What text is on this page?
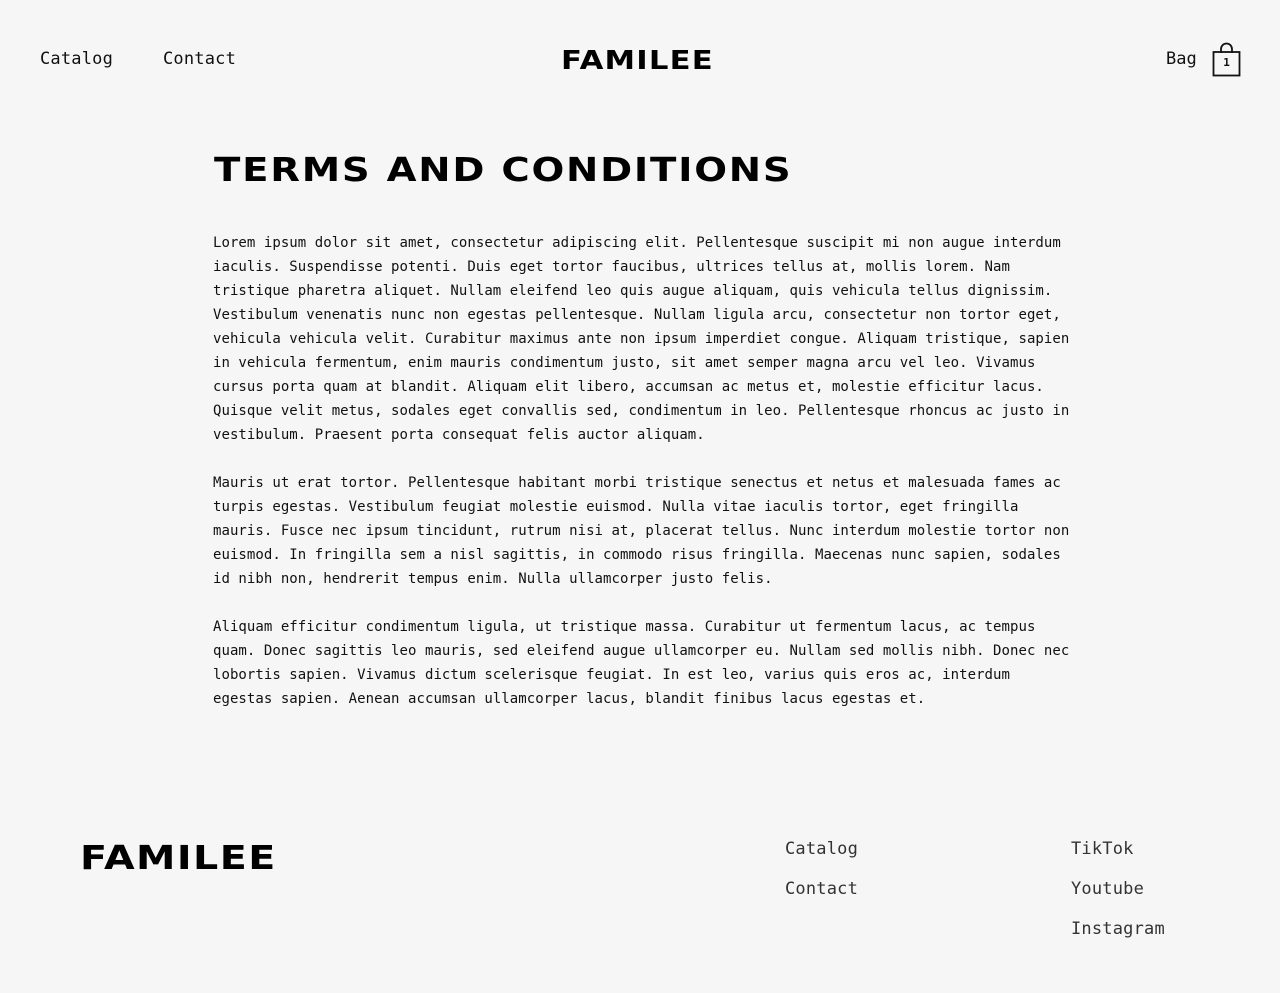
Catalog	Contact	FAMILEE	Bag	1
TERMS AND CONDITIONS

Lorem ipsum dolor sit amet, consectetur adipiscing elit. Pellentesque suscipit mi non augue interdum iaculis. Suspendisse potenti. Duis eget tortor faucibus, ultrices tellus at, mollis lorem. Nam tristique pharetra aliquet. Nullam eleifend leo quis augue aliquam, quis vehicula tellus dignissim. Vestibulum venenatis nunc non egestas pellentesque. Nullam ligula arcu, consectetur non tortor eget, vehicula vehicula velit. Curabitur maximus ante non ipsum imperdiet congue. Aliquam tristique, sapien in vehicula fermentum, enim mauris condimentum justo, sit amet semper magna arcu vel leo. Vivamus cursus porta quam at blandit. Aliquam elit libero, accumsan ac metus et, molestie efficitur lacus. Quisque velit metus, sodales eget convallis sed, condimentum in leo. Pellentesque rhoncus ac justo in vestibulum. Praesent porta consequat felis auctor aliquam.

Mauris ut erat tortor. Pellentesque habitant morbi tristique senectus et netus et malesuada fames ac turpis egestas. Vestibulum feugiat molestie euismod. Nulla vitae iaculis tortor, eget fringilla mauris. Fusce nec ipsum tincidunt, rutrum nisi at, placerat tellus. Nunc interdum molestie tortor non euismod. In fringilla sem a nisl sagittis, in commodo risus fringilla. Maecenas nunc sapien, sodales id nibh non, hendrerit tempus enim. Nulla ullamcorper justo felis.

Aliquam efficitur condimentum ligula, ut tristique massa. Curabitur ut fermentum lacus, ac tempus quam. Donec sagittis leo mauris, sed eleifend augue ullamcorper eu. Nullam sed mollis nibh. Donec nec lobortis sapien. Vivamus dictum scelerisque feugiat. In est leo, varius quis eros ac, interdum egestas sapien. Aenean accumsan ullamcorper lacus, blandit finibus lacus egestas et.

FAMILEE	Catalog
Contact
TikTok
Youtube
Instagram
